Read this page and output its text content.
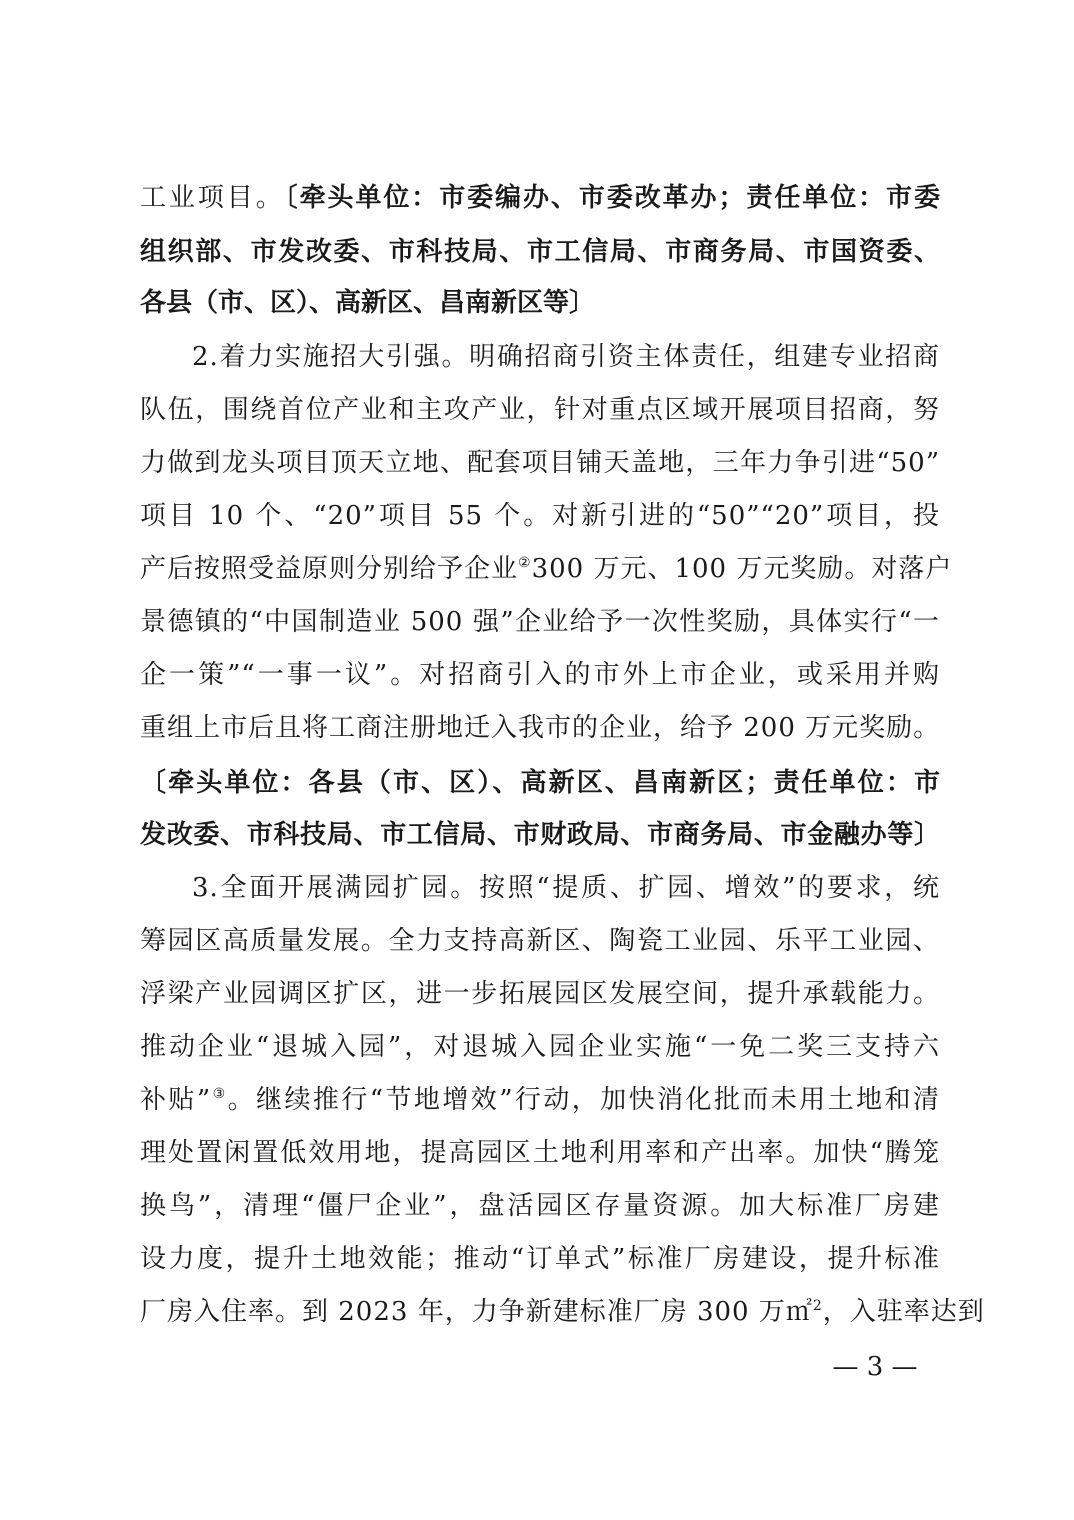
工业项目。〔牵头单位：市委编办、市委改革办；责任单位：市委
组织部、市发改委、市科技局、市工信局、市商务局、市国资委、
各县（市、区）、高新区、昌南新区等〕
2.着力实施招大引强。明确招商引资主体责任，组建专业招商
队伍，围绕首位产业和主攻产业，针对重点区域开展项目招商，努
力做到龙头项目顶天立地、配套项目铺天盖地，三年力争引进“50”
项目 10 个、“20”项目 55 个。对新引进的“50”“20”项目，投
产后按照受益原则分别给予企业②300 万元、100 万元奖励。对落户
景德镇的“中国制造业 500 强”企业给予一次性奖励，具体实行“一
企一策”“一事一议”。对招商引入的市外上市企业，或采用并购
重组上市后且将工商注册地迁入我市的企业，给予 200 万元奖励。
〔牵头单位：各县（市、区）、高新区、昌南新区；责任单位：市
发改委、市科技局、市工信局、市财政局、市商务局、市金融办等〕
3.全面开展满园扩园。按照“提质、扩园、增效”的要求，统
筹园区高质量发展。全力支持高新区、陶瓷工业园、乐平工业园、
浮梁产业园调区扩区，进一步拓展园区发展空间，提升承载能力。
推动企业“退城入园”，对退城入园企业实施“一免二奖三支持六
补贴”③。继续推行“节地增效”行动，加快消化批而未用土地和清
理处置闲置低效用地，提高园区土地利用率和产出率。加快“腾笼
换鸟”，清理“僵尸企业”，盘活园区存量资源。加大标准厂房建
设力度，提升土地效能；推动“订单式”标准厂房建设，提升标准
厂房入住率。到 2023 年，力争新建标准厂房 300 万㎡$^2$，入驻率达到
— 3 —
